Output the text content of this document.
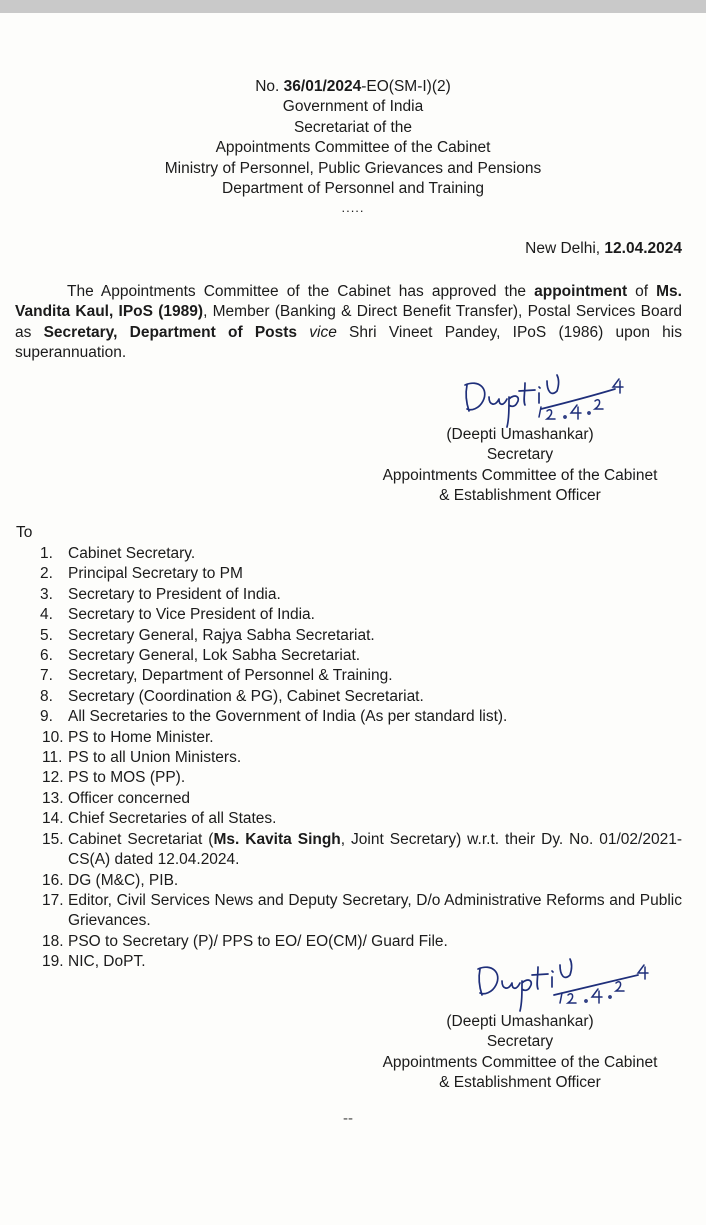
No. 36/01/2024-EO(SM-I)(2)
Government of India
Secretariat of the
Appointments Committee of the Cabinet
Ministry of Personnel, Public Grievances and Pensions
Department of Personnel and Training
.....
New Delhi, 12.04.2024
The Appointments Committee of the Cabinet has approved the appointment of Ms. Vandita Kaul, IPoS (1989), Member (Banking & Direct Benefit Transfer), Postal Services Board as Secretary, Department of Posts vice Shri Vineet Pandey, IPoS (1986) upon his superannuation.
(Deepti Umashankar)
Secretary
Appointments Committee of the Cabinet
& Establishment Officer
To
1. Cabinet Secretary.
2. Principal Secretary to PM
3. Secretary to President of India.
4. Secretary to Vice President of India.
5. Secretary General, Rajya Sabha Secretariat.
6. Secretary General, Lok Sabha Secretariat.
7. Secretary, Department of Personnel & Training.
8. Secretary (Coordination & PG), Cabinet Secretariat.
9. All Secretaries to the Government of India (As per standard list).
10. PS to Home Minister.
11. PS to all Union Ministers.
12. PS to MOS (PP).
13. Officer concerned
14. Chief Secretaries of all States.
15. Cabinet Secretariat (Ms. Kavita Singh, Joint Secretary) w.r.t. their Dy. No. 01/02/2021-CS(A) dated 12.04.2024.
16. DG (M&C), PIB.
17. Editor, Civil Services News and Deputy Secretary, D/o Administrative Reforms and Public Grievances.
18. PSO to Secretary (P)/ PPS to EO/ EO(CM)/ Guard File.
19. NIC, DoPT.
(Deepti Umashankar)
Secretary
Appointments Committee of the Cabinet
& Establishment Officer
--
